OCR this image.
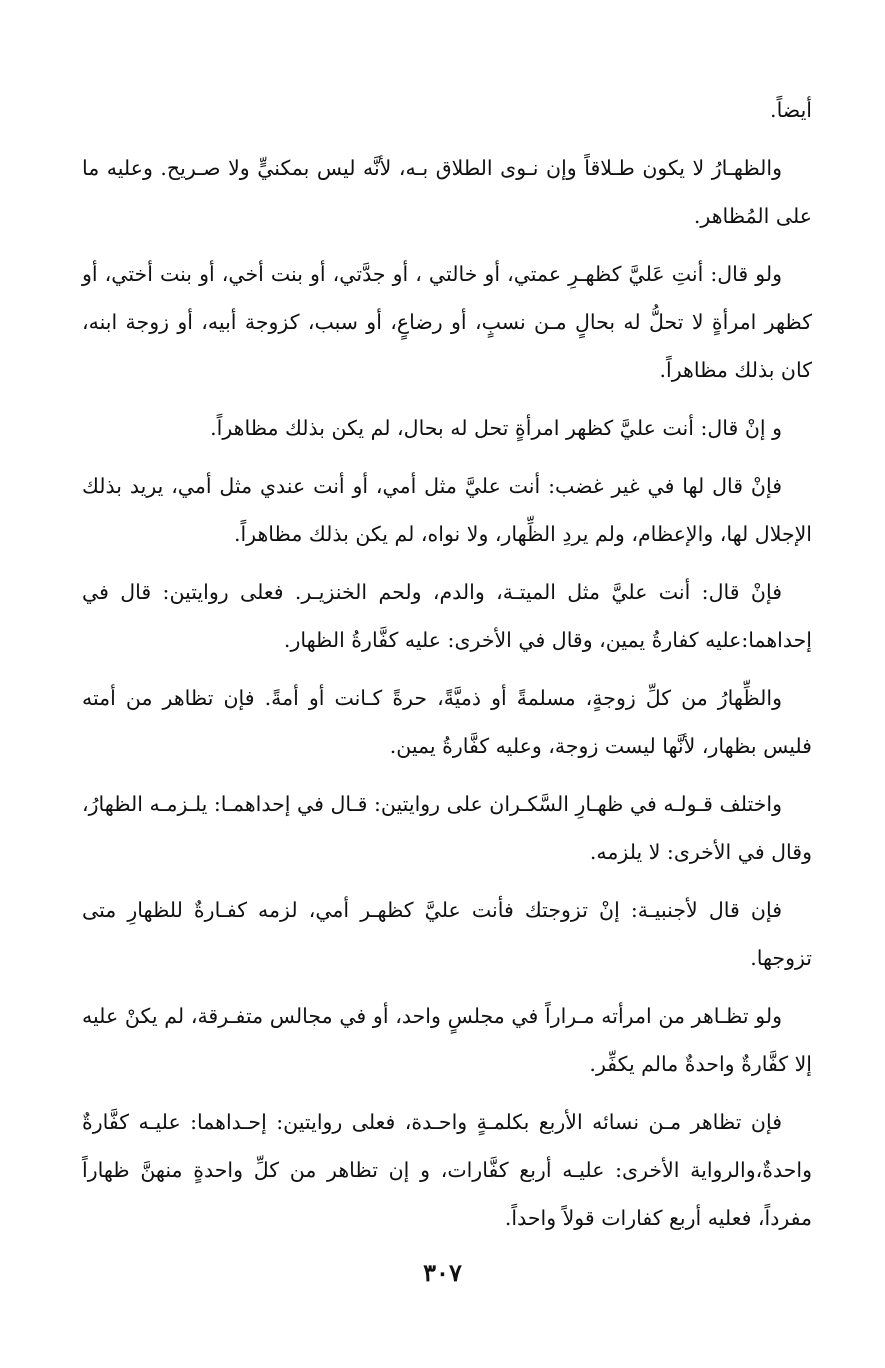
أيضاً.

والظهـارُ لا يكون طـلاقاً وإن نـوى الطلاق بـه، لأنَّه ليس بمكنيٍّ ولا صـريح. وعليه ما على المُظاهر.

ولو قال: أنتِ عَليَّ كظهـرِ عمتي، أو خالتي ، أو جدَّتي، أو بنت أخي، أو بنت أختي، أو كظهر امرأةٍ لا تحلُّ له بحالٍ مـن نسبٍ، أو رضاعٍ، أو سبب، كزوجة أبيه، أو زوجة ابنه، كان بذلك مظاهراً.

و إنْ قال: أنت عليَّ كظهر امرأةٍ تحل له بحال، لم يكن بذلك مظاهراً.

فإنْ قال لها في غير غضب: أنت عليَّ مثل أمي، أو أنت عندي مثل أمي، يريد بذلك الإجلال لها، والإعظام، ولم يردِ الظِّهار، ولا نواه، لم يكن بذلك مظاهراً.

فإنْ قال: أنت عليَّ مثل الميتـة، والدم، ولحم الخنزيـر. فعلى روايتين: قال في إحداهما:عليه كفارةُ يمين، وقال في الأخرى: عليه كفَّارةُ الظهار.

والظِّهارُ من كلِّ زوجةٍ، مسلمةً أو ذميَّةً، حرةً كـانت أو أمةً. فإن تظاهر من أمته فليس بظهار، لأنَّها ليست زوجة، وعليه كفَّارةُ يمين.

واختلف قـولـه في ظهـارِ السَّكـران على روايتين: قـال في إحداهمـا: يلـزمـه الظهارُ، وقال في الأخرى: لا يلزمه.

فإن قال لأجنبيـة: إنْ تزوجتك فأنت عليَّ كظهـر أمي، لزمه كفـارةٌ للظهارِ متى تزوجها.

ولو تظـاهر من امرأته مـراراً في مجلسٍ واحد، أو في مجالس متفـرقة، لم يكنْ عليه إلا كفَّارةٌ واحدةٌ مالم يكفِّر.

فإن تظاهر مـن نسائه الأربع بكلمـةٍ واحـدة، فعلى روايتين: إحـداهما: عليـه كفَّارةٌ واحدةٌ،والرواية الأخرى: عليـه أربع كفَّارات، و إن تظاهر من كلِّ واحدةٍ منهنَّ ظهاراً مفرداً، فعليه أربع كفارات قولاً واحداً.

٣٠٧
